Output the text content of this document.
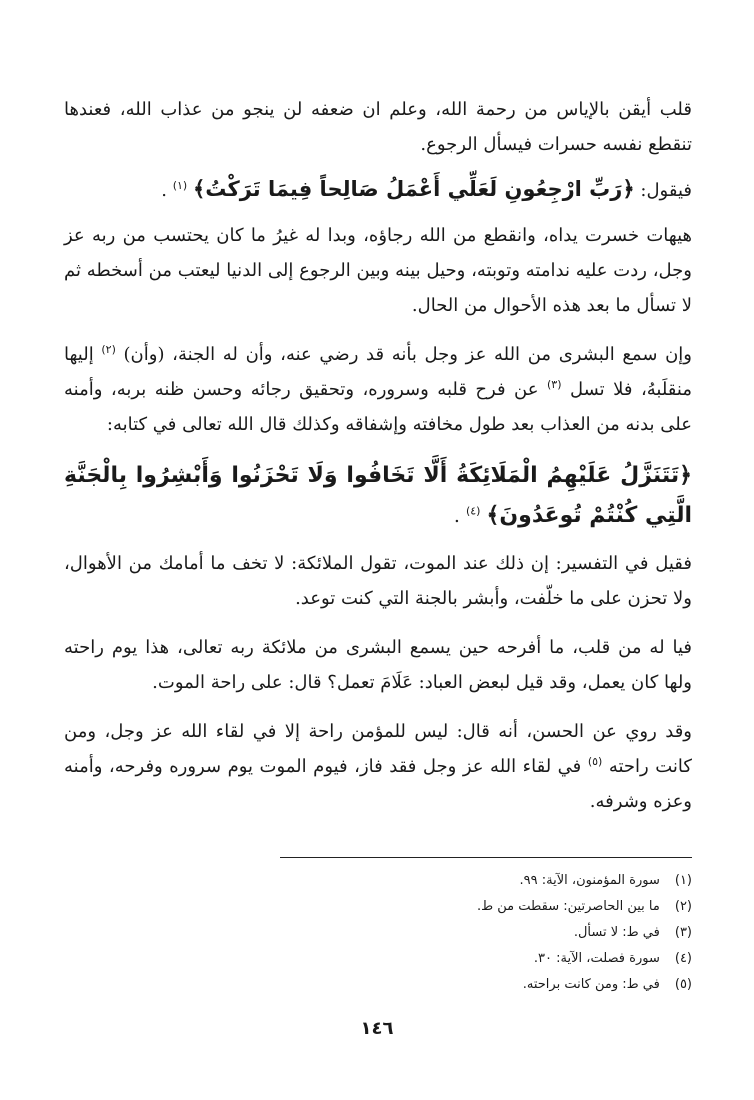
قلب أيقن بالإياس من رحمة الله، وعلم ان ضعفه لن ينجو من عذاب الله، فعندها تنقطع نفسه حسرات فيسأل الرجوع.

فيقول: ﴿رَبِّ ارْجِعُونِ لَعَلِّي أَعْمَلُ صَالِحاً فِيمَا تَرَكْتُ﴾ $^{(١)}$ .

هيهات خسرت يداه، وانقطع من الله رجاؤه، وبدا له غيرُ ما كان يحتسب من ربه عز وجل، ردت عليه ندامته وتوبته، وحيل بينه وبين الرجوع إلى الدنيا ليعتب من أسخطه ثم لا تسأل ما بعد هذه الأحوال من الحال.

وإن سمع البشرى من الله عز وجل بأنه قد رضي عنه، وأن له الجنة، (وأن) $^{(٢)}$ إليها منقلَبهُ، فلا تسل $^{(٣)}$ عن فرح قلبه وسروره، وتحقيق رجائه وحسن ظنه بربه، وأمنه على بدنه من العذاب بعد طول مخافته وإشفاقه وكذلك قال الله تعالى في كتابه:

﴿تَتَنَزَّلُ عَلَيْهِمُ الْمَلَائِكَةُ أَلَّا تَخَافُوا وَلَا تَحْزَنُوا وَأَبْشِرُوا بِالْجَنَّةِ الَّتِي كُنْتُمْ تُوعَدُونَ﴾ $^{(٤)}$ .

فقيل في التفسير: إن ذلك عند الموت، تقول الملائكة: لا تخف ما أمامك من الأهوال، ولا تحزن على ما خلّفت، وأبشر بالجنة التي كنت توعد.

فيا له من قلب، ما أفرحه حين يسمع البشرى من ملائكة ربه تعالى، هذا يوم راحته ولها كان يعمل، وقد قيل لبعض العباد: عَلَامَ تعمل؟ قال: على راحة الموت.

وقد روي عن الحسن، أنه قال: ليس للمؤمن راحة إلا في لقاء الله عز وجل، ومن كانت راحته $^{(٥)}$ في لقاء الله عز وجل فقد فاز، فيوم الموت يوم سروره وفرحه، وأمنه وعزه وشرفه.

(١) سورة المؤمنون، الآية: ٩٩.
(٢) ما بين الحاصرتين: سقطت من ط.
(٣) في ط: لا تسأل.
(٤) سورة فصلت، الآية: ٣٠.
(٥) في ط: ومن كانت براحته.
١٤٦
